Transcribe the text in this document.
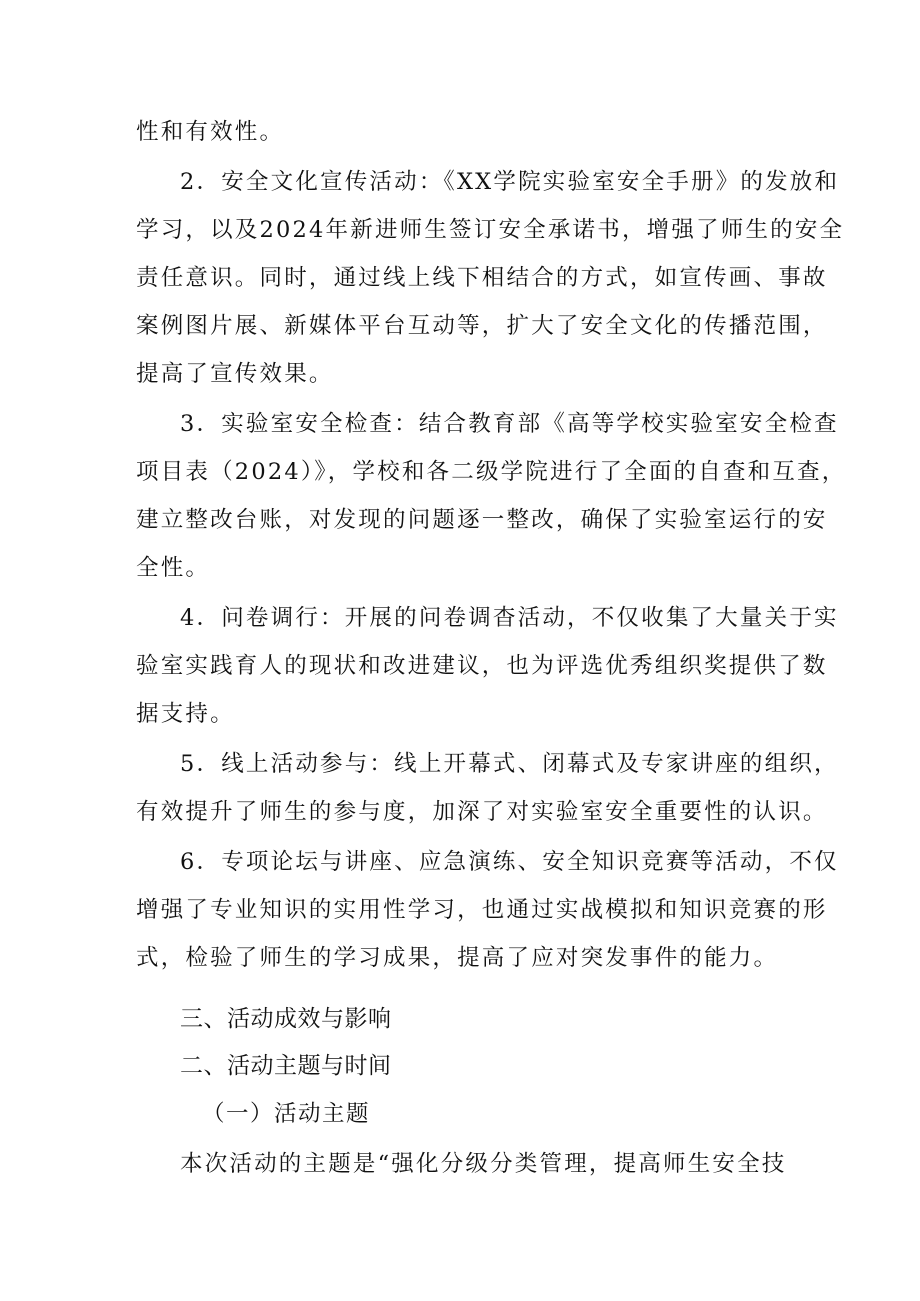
性和有效性。
2．安全文化宣传活动：《XX学院实验室安全手册》的发放和
学习，以及2024年新进师生签订安全承诺书，增强了师生的安全
责任意识。同时，通过线上线下相结合的方式，如宣传画、事故
案例图片展、新媒体平台互动等，扩大了安全文化的传播范围，
提高了宣传效果。
3．实验室安全检查：结合教育部《高等学校实验室安全检查
项目表（2024）》，学校和各二级学院进行了全面的自查和互查，
建立整改台账，对发现的问题逐一整改，确保了实验室运行的安
全性。
4．问卷调行：开展的问卷调杳活动，不仅收集了大量关于实
验室实践育人的现状和改进建议，也为评选优秀组织奖提供了数
据支持。
5．线上活动参与：线上开幕式、闭幕式及专家讲座的组织，
有效提升了师生的参与度，加深了对实验室安全重要性的认识。
6．专项论坛与讲座、应急演练、安全知识竞赛等活动，不仅
增强了专业知识的实用性学习，也通过实战模拟和知识竞赛的形
式，检验了师生的学习成果，提高了应对突发事件的能力。
三、活动成效与影响
二、活动主题与时间
（一）活动主题
本次活动的主题是“强化分级分类管理，提高师生安全技
